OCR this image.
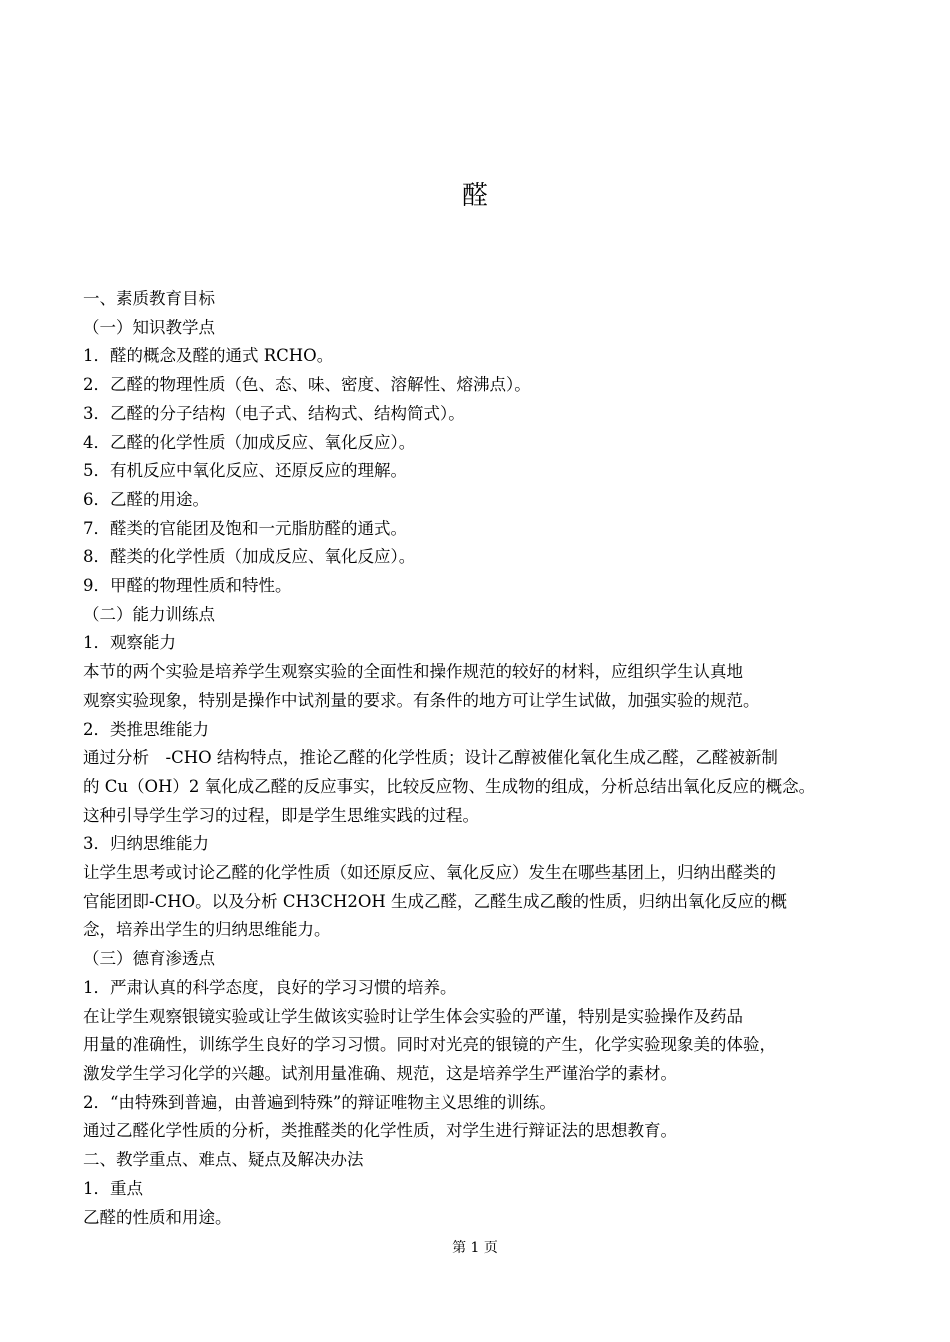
醛

一、素质教育目标

（一）知识教学点

1．醛的概念及醛的通式 RCHO。

2．乙醛的物理性质（色、态、味、密度、溶解性、熔沸点）。

3．乙醛的分子结构（电子式、结构式、结构简式）。

4．乙醛的化学性质（加成反应、氧化反应）。

5．有机反应中氧化反应、还原反应的理解。

6．乙醛的用途。

7．醛类的官能团及饱和一元脂肪醛的通式。

8．醛类的化学性质（加成反应、氧化反应）。

9．甲醛的物理性质和特性。

（二）能力训练点

1．观察能力

本节的两个实验是培养学生观察实验的全面性和操作规范的较好的材料，应组织学生认真地

观察实验现象，特别是操作中试剂量的要求。有条件的地方可让学生试做，加强实验的规范。

2．类推思维能力

通过分析　-CHO 结构特点，推论乙醛的化学性质；设计乙醇被催化氧化生成乙醛，乙醛被新制

的 Cu（OH）2 氧化成乙醛的反应事实，比较反应物、生成物的组成，分析总结出氧化反应的概念。

这种引导学生学习的过程，即是学生思维实践的过程。

3．归纳思维能力

让学生思考或讨论乙醛的化学性质（如还原反应、氧化反应）发生在哪些基团上，归纳出醛类的

官能团即-CHO。以及分析 CH3CH2OH 生成乙醛，乙醛生成乙酸的性质，归纳出氧化反应的概

念，培养出学生的归纳思维能力。

（三）德育渗透点

1．严肃认真的科学态度，良好的学习习惯的培养。

在让学生观察银镜实验或让学生做该实验时让学生体会实验的严谨，特别是实验操作及药品

用量的准确性，训练学生良好的学习习惯。同时对光亮的银镜的产生，化学实验现象美的体验，

激发学生学习化学的兴趣。试剂用量准确、规范，这是培养学生严谨治学的素材。

2．“由特殊到普遍，由普遍到特殊”的辩证唯物主义思维的训练。

通过乙醛化学性质的分析，类推醛类的化学性质，对学生进行辩证法的思想教育。

二、教学重点、难点、疑点及解决办法

1．重点

乙醛的性质和用途。

第 1 页
